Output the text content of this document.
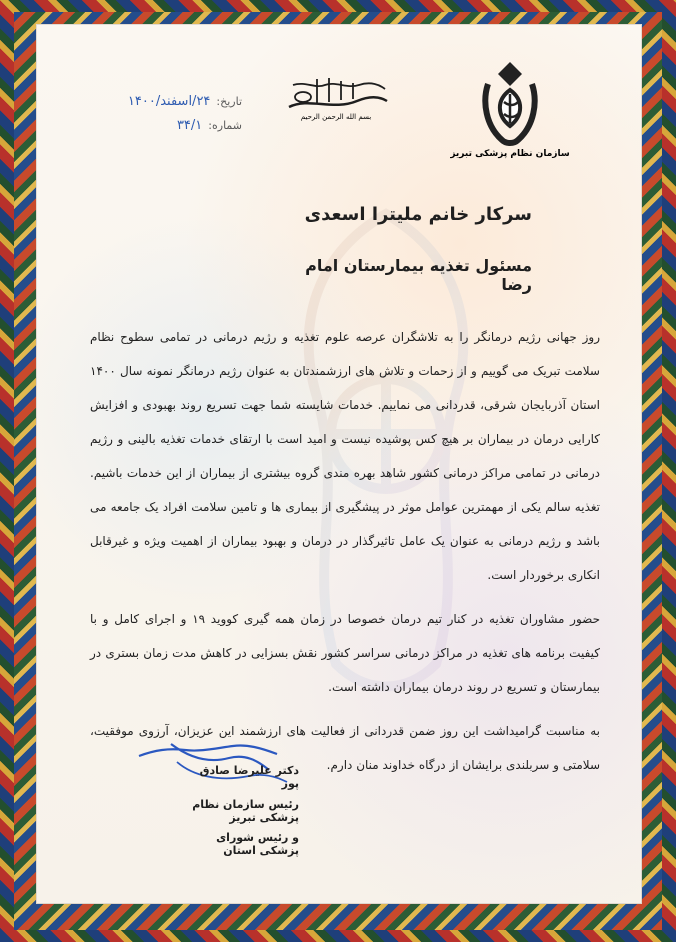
سازمان نظام پزشکی تبریز
بسم الله الرحمن الرحیم
تاریخ:
۲۴/اسفند/۱۴۰۰
شماره:
۳۴/۱
سرکار خانم ملیترا اسعدی
مسئول تغذیه بیمارستان امام رضا

روز جهانی رژیم درمانگر را به تلاشگران عرصه علوم تغذیه و رژیم درمانی در تمامی سطوح نظام سلامت تبریک می گوییم و از زحمات و تلاش های ارزشمندتان به عنوان رژیم درمانگر نمونه سال ۱۴۰۰ استان آذربایجان شرقی، قدردانی می نماییم. خدمات شایسته شما جهت تسریع روند بهبودی و افزایش کارایی درمان در بیماران بر هیچ کس پوشیده نیست و امید است با ارتقای خدمات تغذیه بالینی و رژیم درمانی در تمامی مراکز درمانی کشور شاهد بهره مندی گروه بیشتری از بیماران از این خدمات باشیم. تغذیه سالم یکی از مهمترین عوامل موثر در پیشگیری از بیماری ها و تامین سلامت افراد یک جامعه می باشد و رژیم درمانی به عنوان یک عامل تاثیرگذار در درمان و بهبود بیماران از اهمیت ویژه و غیرقابل انکاری برخوردار است.

حضور مشاوران تغذیه در کنار تیم درمان خصوصا در زمان همه گیری کووید ۱۹ و اجرای کامل و با کیفیت برنامه های تغذیه در مراکز درمانی سراسر کشور نقش بسزایی در کاهش مدت زمان بستری در بیمارستان و تسریع در روند درمان بیماران داشته است.

به مناسبت گرامیداشت این روز ضمن قدردانی از فعالیت های ارزشمند این عزیزان، آرزوی موفقیت، سلامتی و سربلندی برایشان از درگاه خداوند منان دارم.

دکتر علیرضا صادق پور
رئیس سازمان نظام پزشکی تبریز
و رئیس شورای پزشکی استان
